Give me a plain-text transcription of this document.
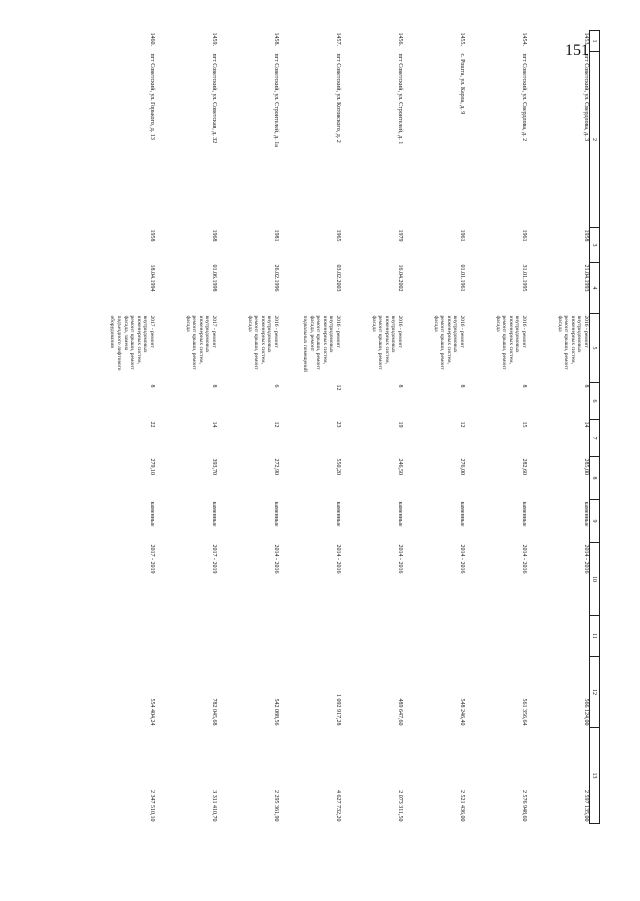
151
1	2	3	4	5	6	7	8	9	10	11	12	13
1453.	пгт Советский, ул. Свердлова, д. 3	1958	21.04.1993	2016 - ремонт внутридомовых инженерных систем, ремонт крыши, ремонт фасада	8	14	285,00	каменные	2014 - 2016		566 124,00	2 597 135,00
1454.	пгт Советский, ул. Свердлова, д. 2	1961	31.01.1995	2016 - ремонт внутридомовых инженерных систем, ремонт крыши, ремонт фасада	8	15	282,60	каменные	2014 - 2016		561 356,64	2 576 948,60
1455.	с. Рошта, ул. Карла, д. 9	1961	01.01.1961	2016 - ремонт внутридомовых инженерных систем, ремонт крыши, ремонт фасада	8	12	276,00	каменные	2014 - 2016		548 246,40	2 521 436,00
1456.	пгт Советский, ул. Строителей, д. 1	1979	16.04.2002	2016 - ремонт внутридомовых инженерных систем, ремонт крыши, ремонт фасада	8	19	246,50	каменные	2014 - 2016		489 647,60	2 073 311,50
1457.	пгт Советский, ул. Котовского, д. 2	1965	03.02.2003	2016 - ремонт внутридомовых инженерных систем, ремонт крыши, ремонт фасада, ремонт подвальных помещений	12	23	550,20	каменные	2014 - 2016		1 092 917,28	4 627 732,20
1458.	пгт Советский, ул. Строителей, д. 1а	1981	26.02.1996	2016 - ремонт внутридомовых инженерных систем, ремонт крыши, ремонт фасада	6	12	272,90	каменные	2014 - 2016		542 088,56	2 295 361,90
1459.	пгт Советский, ул. Советская, д. 32	1968	01.06.1998	2017 - ремонт внутридомовых инженерных систем, ремонт крыши, ремонт фасада	8	14	393,70	каменные	2017 - 2019		782 045,68	3 311 410,70
1460.	пгт Советский, ул. Горького, д. 13	1958	18.04.1994	2017 - ремонт внутридомовых инженерных систем, ремонт крыши, ремонт фасада, замена подъездного лифтового оборудования	8	22	279,10	каменные	2017 - 2019		554 404,24	2 347 510,10
